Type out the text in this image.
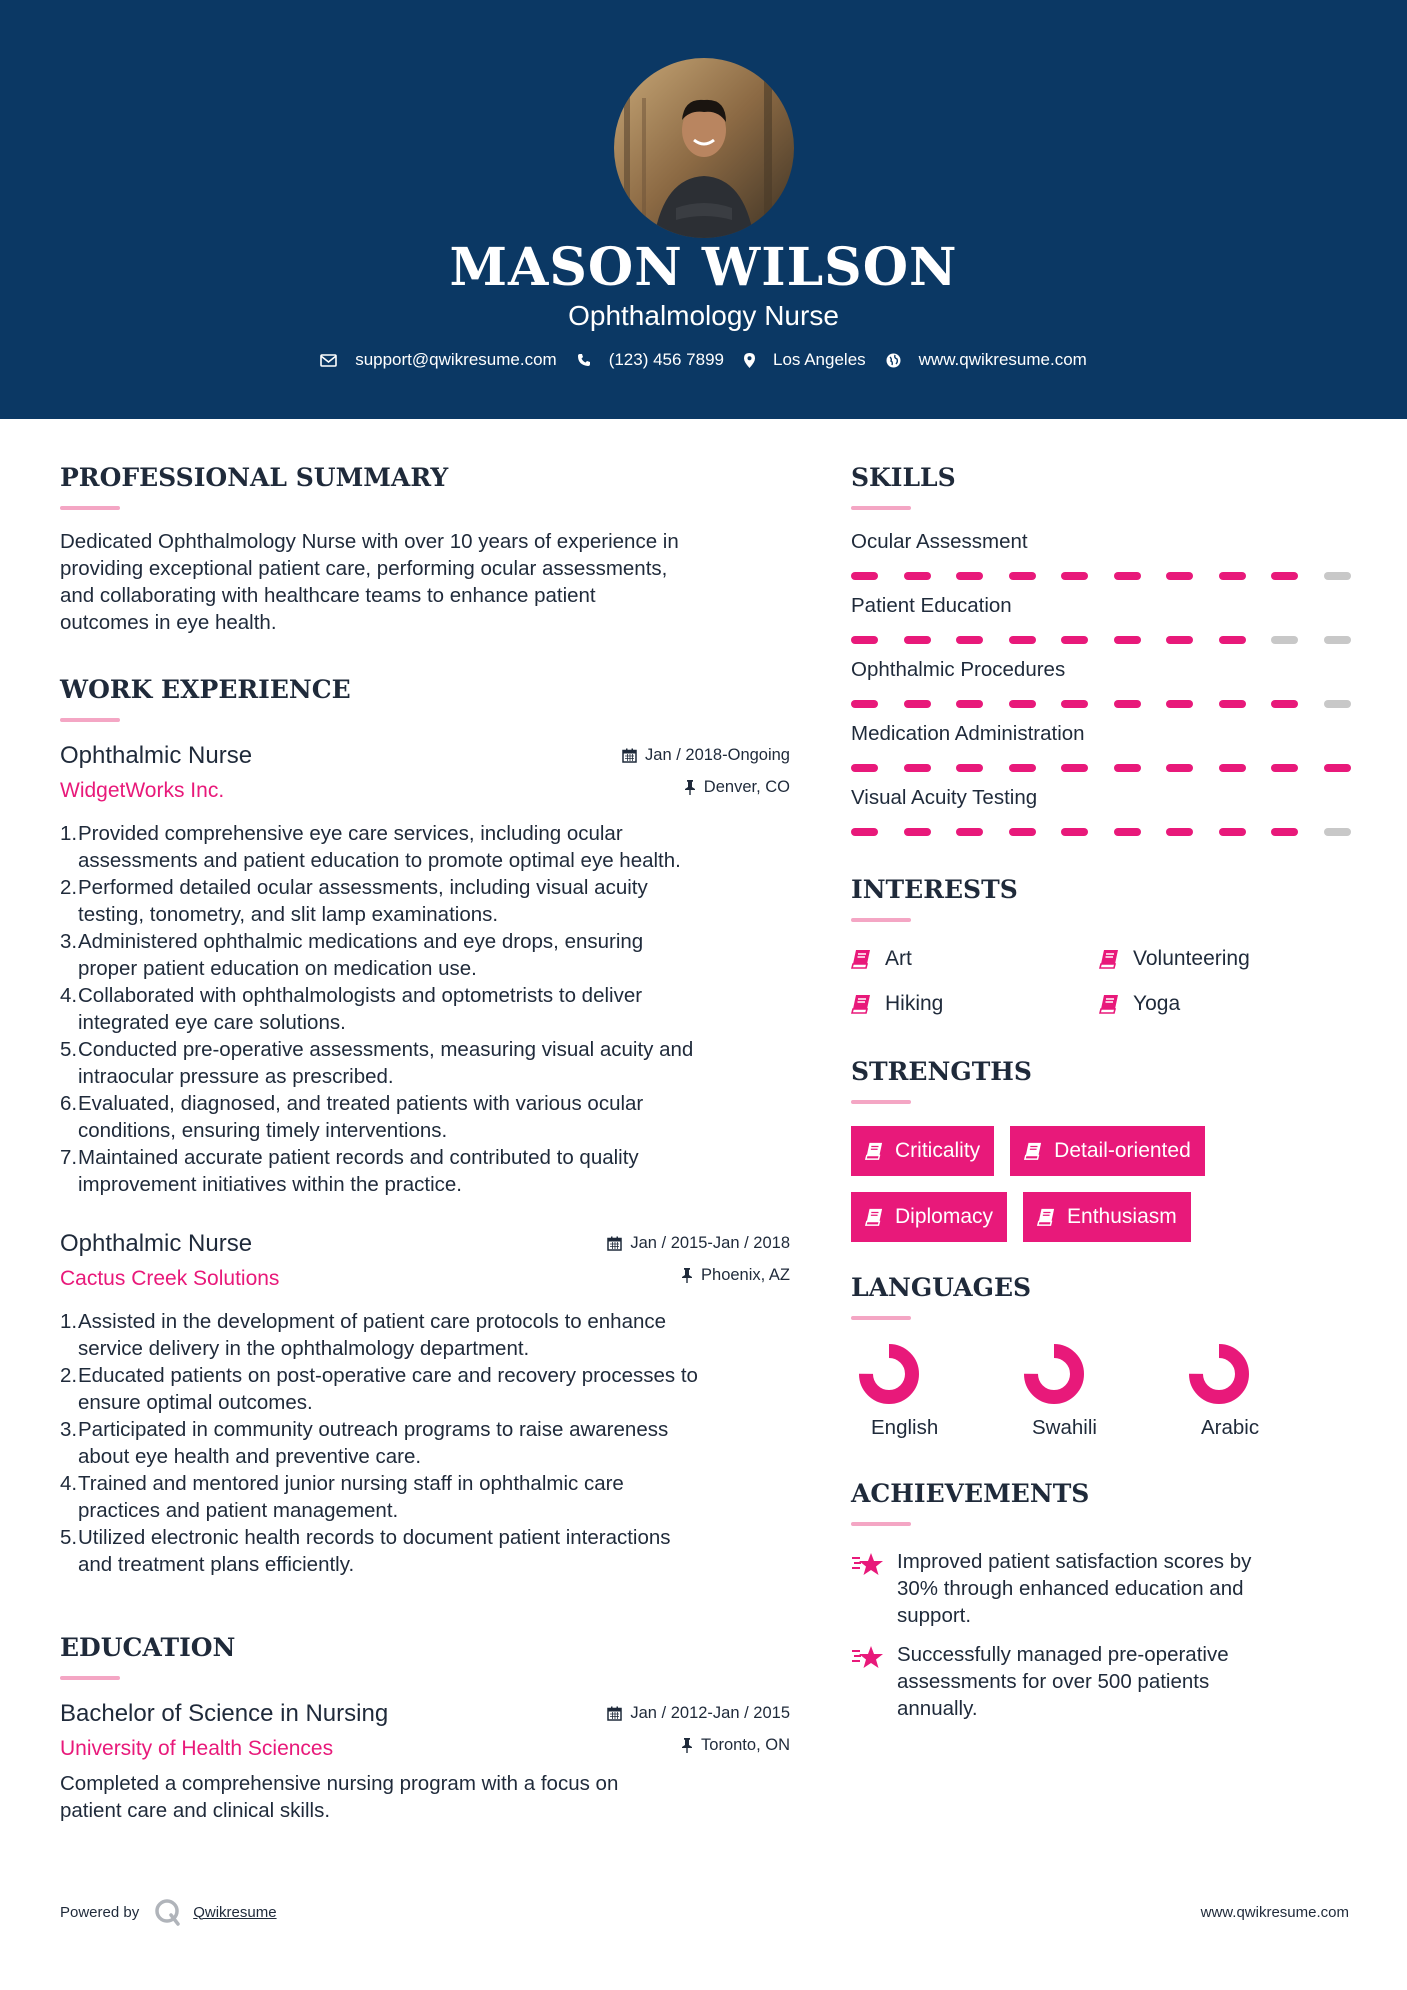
MASON WILSON
Ophthalmology Nurse
support@qwikresume.com	(123) 456 7899	Los Angeles	www.qwikresume.com
PROFESSIONAL SUMMARY
Dedicated Ophthalmology Nurse with over 10 years of experience in
providing exceptional patient care, performing ocular assessments,
and collaborating with healthcare teams to enhance patient
outcomes in eye health.
WORK EXPERIENCE
Ophthalmic Nurse
WidgetWorks Inc.
Jan / 2018-Ongoing
Denver, CO
1. Provided comprehensive eye care services, including ocular
assessments and patient education to promote optimal eye health.
2. Performed detailed ocular assessments, including visual acuity
testing, tonometry, and slit lamp examinations.
3. Administered ophthalmic medications and eye drops, ensuring
proper patient education on medication use.
4. Collaborated with ophthalmologists and optometrists to deliver
integrated eye care solutions.
5. Conducted pre-operative assessments, measuring visual acuity and
intraocular pressure as prescribed.
6. Evaluated, diagnosed, and treated patients with various ocular
conditions, ensuring timely interventions.
7. Maintained accurate patient records and contributed to quality
improvement initiatives within the practice.
Ophthalmic Nurse
Cactus Creek Solutions
Jan / 2015-Jan / 2018
Phoenix, AZ
1. Assisted in the development of patient care protocols to enhance
service delivery in the ophthalmology department.
2. Educated patients on post-operative care and recovery processes to
ensure optimal outcomes.
3. Participated in community outreach programs to raise awareness
about eye health and preventive care.
4. Trained and mentored junior nursing staff in ophthalmic care
practices and patient management.
5. Utilized electronic health records to document patient interactions
and treatment plans efficiently.
EDUCATION
Bachelor of Science in Nursing
University of Health Sciences
Jan / 2012-Jan / 2015
Toronto, ON
Completed a comprehensive nursing program with a focus on
patient care and clinical skills.
SKILLS
Ocular Assessment
Patient Education
Ophthalmic Procedures
Medication Administration
Visual Acuity Testing
INTERESTS
Art	Volunteering
Hiking	Yoga
STRENGTHS
Criticality	Detail-oriented
Diplomacy	Enthusiasm
LANGUAGES
English	Swahili	Arabic
ACHIEVEMENTS
Improved patient satisfaction scores by
30% through enhanced education and
support.
Successfully managed pre-operative
assessments for over 500 patients
annually.
Powered by	Qwikresume	www.qwikresume.com
